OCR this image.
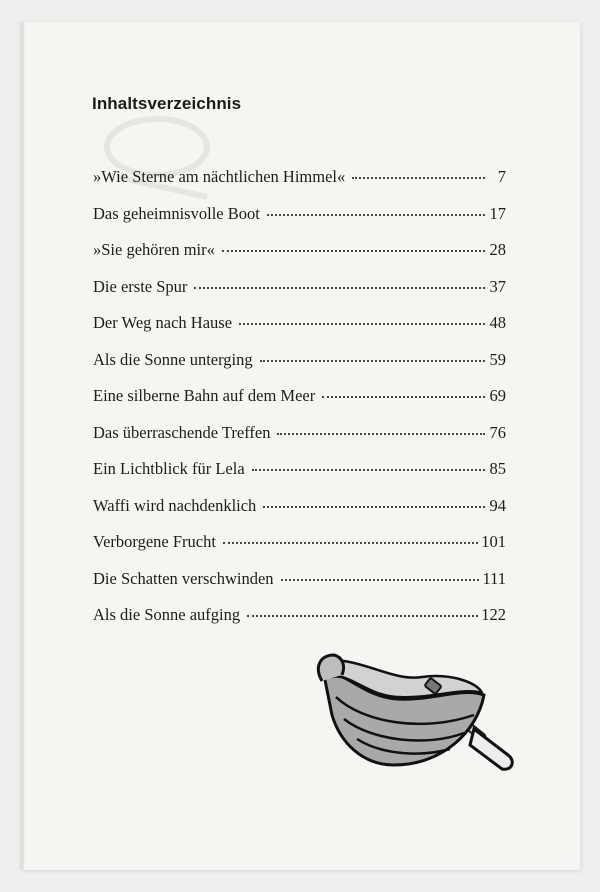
Inhaltsverzeichnis
»Wie Sterne am nächtlichen Himmel«	7
Das geheimnisvolle Boot	17
»Sie gehören mir«	28
Die erste Spur	37
Der Weg nach Hause	48
Als die Sonne unterging	59
Eine silberne Bahn auf dem Meer	69
Das überraschende Treffen	76
Ein Lichtblick für Lela	85
Waffi wird nachdenklich	94
Verborgene Frucht	101
Die Schatten verschwinden	111
Als die Sonne aufging	122
